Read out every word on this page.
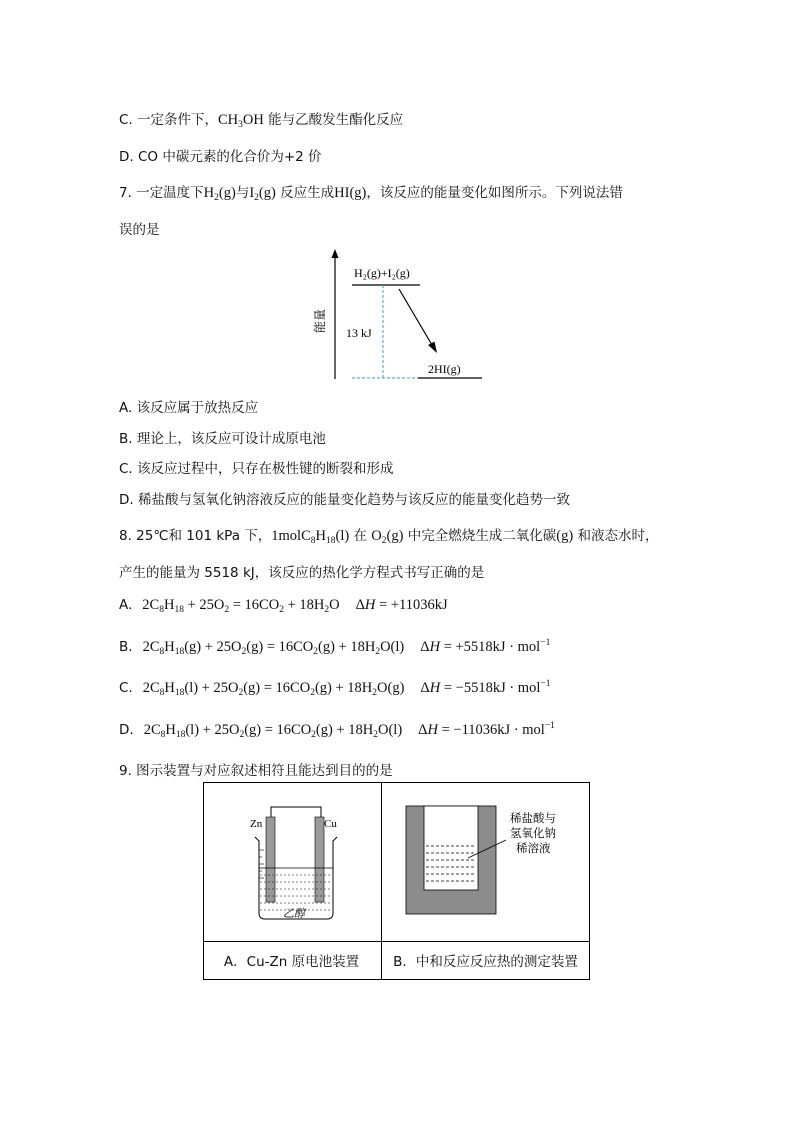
C. 一定条件下，$CH_3OH$ 能与乙酸发生酯化反应
D. CO 中碳元素的化合价为+2 价
7. 一定温度下$H_2(g)$与$I_2(g)$ 反应生成HI(g)，该反应的能量变化如图所示。下列说法错
误的是
能量
H₂(g)+I₂(g)
2HI(g)
13 kJ
A. 该反应属于放热反应
B. 理论上，该反应可设计成原电池
C. 该反应过程中，只存在极性键的断裂和形成
D. 稀盐酸与氢氧化钠溶液反应的能量变化趋势与该反应的能量变化趋势一致
8. 25℃和 101 kPa 下，$1molC_8H_{18}(l)$ 在 $O_2(g)$ 中完全燃烧生成二氧化碳(g) 和液态水时，
产生的能量为 5518 kJ，该反应的热化学方程式书写正确的是
A. $2C_8H_{18} + 25O_2 = 16CO_2 + 18H_2O$ ΔH = +11036kJ
B. $2C_8H_{18}(g) + 25O_2(g) = 16CO_2(g) + 18H_2O(l) \Delta H = +5518kJ \cdot mol^{-1}$
C. $2C_8H_{18}(l) + 25O_2(g) = 16CO_2(g) + 18H_2O(g) \Delta H = -5518kJ \cdot mol^{-1}$
D. $2C_8H_{18}(l) + 25O_2(g) = 16CO_2(g) + 18H_2O(l) \Delta H = -11036kJ \cdot mol^{-1}$
9. 图示装置与对应叙述相符且能达到目的的是
Zn	Cu
乙醇
稀盐酸与
氢氧化钠
稀溶液
A．Cu-Zn 原电池装置	B．中和反应反应热的测定装置
